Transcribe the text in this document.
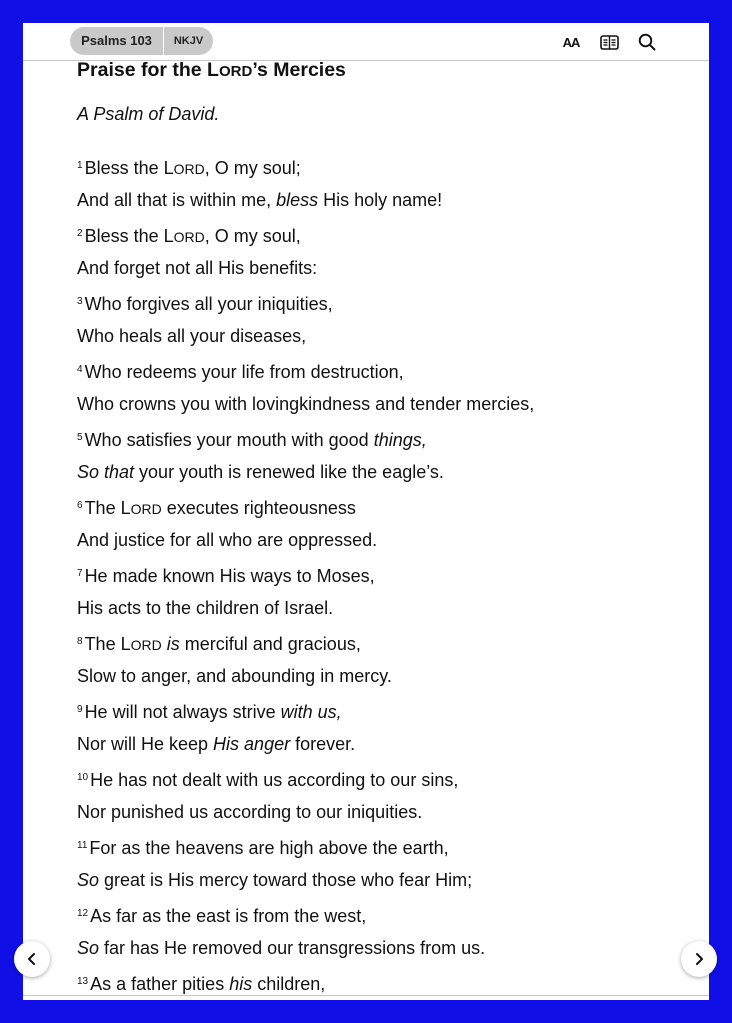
Psalms 103	NKJV	AA
Praise for the LORD’s Mercies
A Psalm of David.
$^1$ Bless the LORD, O my soul;
And all that is within me, bless His holy name!
$^2$ Bless the LORD, O my soul,
And forget not all His benefits:
$^3$ Who forgives all your iniquities,
Who heals all your diseases,
$^4$ Who redeems your life from destruction,
Who crowns you with lovingkindness and tender mercies,
$^5$ Who satisfies your mouth with good things,
So that your youth is renewed like the eagle’s.
$^6$ The LORD executes righteousness
And justice for all who are oppressed.
$^7$ He made known His ways to Moses,
His acts to the children of Israel.
$^8$ The LORD is merciful and gracious,
Slow to anger, and abounding in mercy.
$^9$ He will not always strive with us,
Nor will He keep His anger forever.
$^{10}$ He has not dealt with us according to our sins,
Nor punished us according to our iniquities.
$^{11}$ For as the heavens are high above the earth,
So great is His mercy toward those who fear Him;
$^{12}$ As far as the east is from the west,
So far has He removed our transgressions from us.
$^{13}$ As a father pities his children,
